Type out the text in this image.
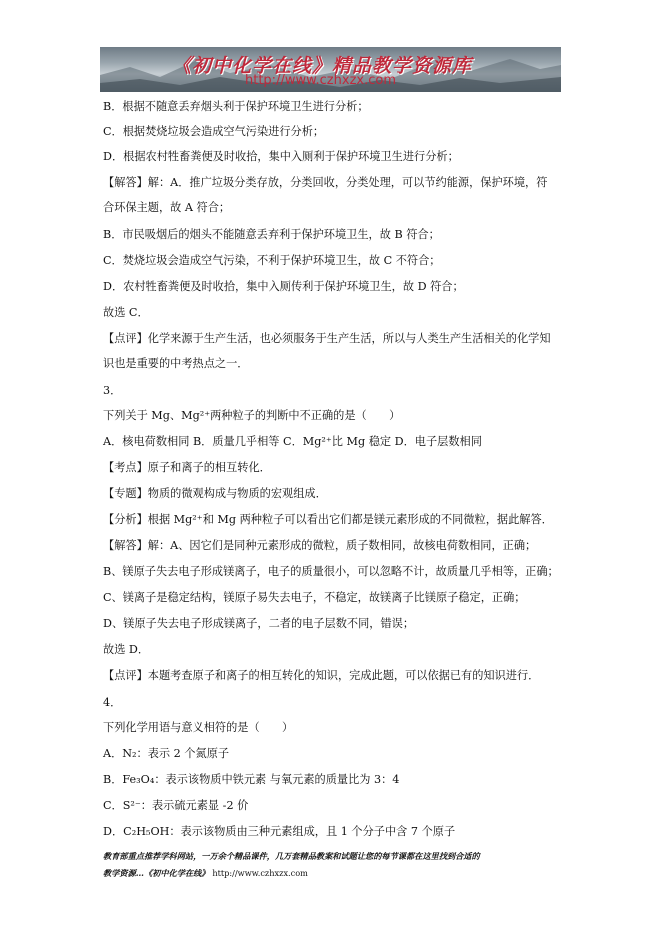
《初中化学在线》精品教学资源库
http://www.czhxzx.com
B．根据不随意丢弃烟头利于保护环境卫生进行分析；
C．根据焚烧垃圾会造成空气污染进行分析；
D．根据农村牲畜粪便及时收拾，集中入厕利于保护环境卫生进行分析；
【解答】解：A．推广垃圾分类存放，分类回收，分类处理，可以节约能源，保护环境，符
合环保主题，故 A 符合；
B．市民吸烟后的烟头不能随意丢弃利于保护环境卫生，故 B 符合；
C．焚烧垃圾会造成空气污染，不利于保护环境卫生，故 C 不符合；
D．农村牲畜粪便及时收拾，集中入厕传利于保护环境卫生，故 D 符合；
故选 C．
【点评】化学来源于生产生活，也必须服务于生产生活，所以与人类生产生活相关的化学知
识也是重要的中考热点之一．
3．
下列关于 Mg、Mg²⁺两种粒子的判断中不正确的是（　　）
A．核电荷数相同 B．质量几乎相等 C．Mg²⁺比 Mg 稳定 D．电子层数相同
【考点】原子和离子的相互转化．
【专题】物质的微观构成与物质的宏观组成．
【分析】根据 Mg²⁺和 Mg 两种粒子可以看出它们都是镁元素形成的不同微粒，据此解答．
【解答】解：A、因它们是同种元素形成的微粒，质子数相同，故核电荷数相同，正确；
B、镁原子失去电子形成镁离子，电子的质量很小，可以忽略不计，故质量几乎相等，正确；
C、镁离子是稳定结构，镁原子易失去电子，不稳定，故镁离子比镁原子稳定，正确；
D、镁原子失去电子形成镁离子，二者的电子层数不同，错误；
故选 D．
【点评】本题考查原子和离子的相互转化的知识，完成此题，可以依据已有的知识进行．
4．
下列化学用语与意义相符的是（　　）
A．N₂：表示 2 个氮原子
B．Fe₃O₄：表示该物质中铁元素 与氧元素的质量比为 3：4
C．S²⁻：表示硫元素显 -2 价
D．C₂H₅OH：表示该物质由三种元素组成，且 1 个分子中含 7 个原子
教育部重点推荐学科网站，一万余个精品课件，几万套精品教案和试题让您的每节课都在这里找到合适的
教学资源…《初中化学在线》 http://www.czhxzx.com
